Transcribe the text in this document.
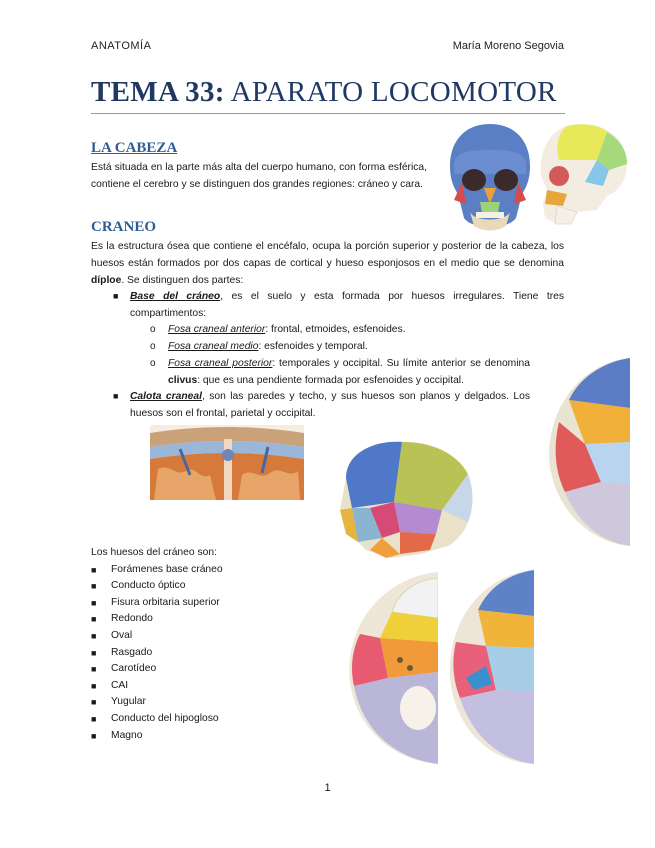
ANATOMÍA	María Moreno Segovia
TEMA 33: APARATO LOCOMOTOR
LA CABEZA
Está situada en la parte más alta del cuerpo humano, con forma esférica, contiene el cerebro y se distinguen dos grandes regiones: cráneo y cara.
CRANEO
Es la estructura ósea que contiene el encéfalo, ocupa la porción superior y posterior de la cabeza, los huesos están formados por dos capas de cortical y hueso esponjosos en el medio que se denomina díploe. Se distinguen dos partes:
■ Base del cráneo, es el suelo y esta formada por huesos irregulares. Tiene tres compartimentos:
o Fosa craneal anterior: frontal, etmoides, esfenoides.
o Fosa craneal medio: esfenoides y temporal.
o Fosa craneal posterior: temporales y occipital. Su límite anterior se denomina clivus: que es una pendiente formada por esfenoides y occipital.
■ Calota craneal, son las paredes y techo, y sus huesos son planos y delgados. Los huesos son el frontal, parietal y occipital.
Los huesos del cráneo son:
■ Forámenes base cráneo
■ Conducto óptico
■ Fisura orbitaria superior
■ Redondo
■ Oval
■ Rasgado
■ Carotídeo
■ CAI
■ Yugular
■ Conducto del hipogloso
■ Magno
1
